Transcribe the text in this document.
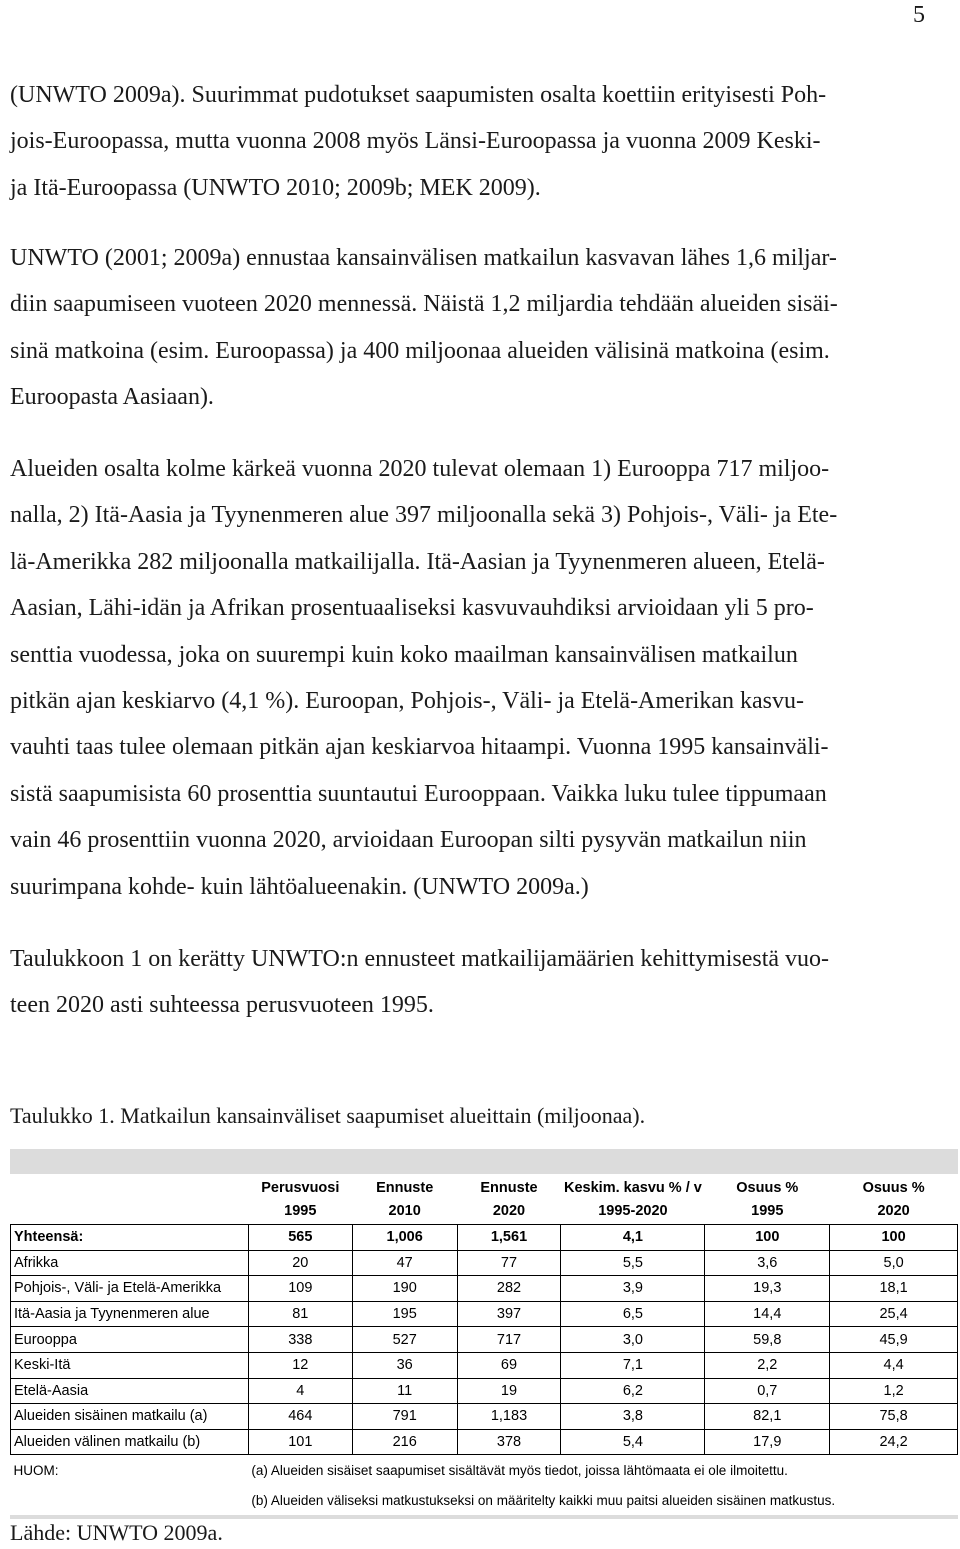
5

(UNWTO 2009a). Suurimmat pudotukset saapumisten osalta koettiin erityisesti Poh-
jois-Euroopassa, mutta vuonna 2008 myös Länsi-Euroopassa ja vuonna 2009 Keski-
ja Itä-Euroopassa (UNWTO 2010; 2009b; MEK 2009).

UNWTO (2001; 2009a) ennustaa kansainvälisen matkailun kasvavan lähes 1,6 miljar-
diin saapumiseen vuoteen 2020 mennessä. Näistä 1,2 miljardia tehdään alueiden sisäi-
sinä matkoina (esim. Euroopassa) ja 400 miljoonaa alueiden välisinä matkoina (esim.
Euroopasta Aasiaan).

Alueiden osalta kolme kärkeä vuonna 2020 tulevat olemaan 1) Eurooppa 717 miljoo-
nalla, 2) Itä-Aasia ja Tyynenmeren alue 397 miljoonalla sekä 3) Pohjois-, Väli- ja Ete-
lä-Amerikka 282 miljoonalla matkailijalla. Itä-Aasian ja Tyynenmeren alueen, Etelä-
Aasian, Lähi-idän ja Afrikan prosentuaaliseksi kasvuvauhdiksi arvioidaan yli 5 pro-
senttia vuodessa, joka on suurempi kuin koko maailman kansainvälisen matkailun
pitkän ajan keskiarvo (4,1 %). Euroopan, Pohjois-, Väli- ja Etelä-Amerikan kasvu-
vauhti taas tulee olemaan pitkän ajan keskiarvoa hitaampi. Vuonna 1995 kansainväli-
sistä saapumisista 60 prosenttia suuntautui Eurooppaan. Vaikka luku tulee tippumaan
vain 46 prosenttiin vuonna 2020, arvioidaan Euroopan silti pysyvän matkailun niin
suurimpana kohde- kuin lähtöalueenakin. (UNWTO 2009a.)

Taulukkoon 1 on kerätty UNWTO:n ennusteet matkailijamäärien kehittymisestä vuo-
teen 2020 asti suhteessa perusvuoteen 1995.

Taulukko 1. Matkailun kansainväliset saapumiset alueittain (miljoonaa).

	Perusvuosi	Ennuste	Ennuste	Keskim. kasvu % / v	Osuus %	Osuus %
	1995	2010	2020	1995-2020	1995	2020
Yhteensä:	565	1,006	1,561	4,1	100	100
Afrikka	20	47	77	5,5	3,6	5,0
Pohjois-, Väli- ja Etelä-Amerikka	109	190	282	3,9	19,3	18,1
Itä-Aasia ja Tyynenmeren alue	81	195	397	6,5	14,4	25,4
Eurooppa	338	527	717	3,0	59,8	45,9
Keski-Itä	12	36	69	7,1	2,2	4,4
Etelä-Aasia	4	11	19	6,2	0,7	1,2
Alueiden sisäinen matkailu (a)	464	791	1,183	3,8	82,1	75,8
Alueiden välinen matkailu (b)	101	216	378	5,4	17,9	24,2
HUOM:	(a) Alueiden sisäiset saapumiset sisältävät myös tiedot, joissa lähtömaata ei ole ilmoitettu.					
	(b) Alueiden väliseksi matkustukseksi on määritelty kaikki muu paitsi alueiden sisäinen matkustus.					

Lähde: UNWTO 2009a.
